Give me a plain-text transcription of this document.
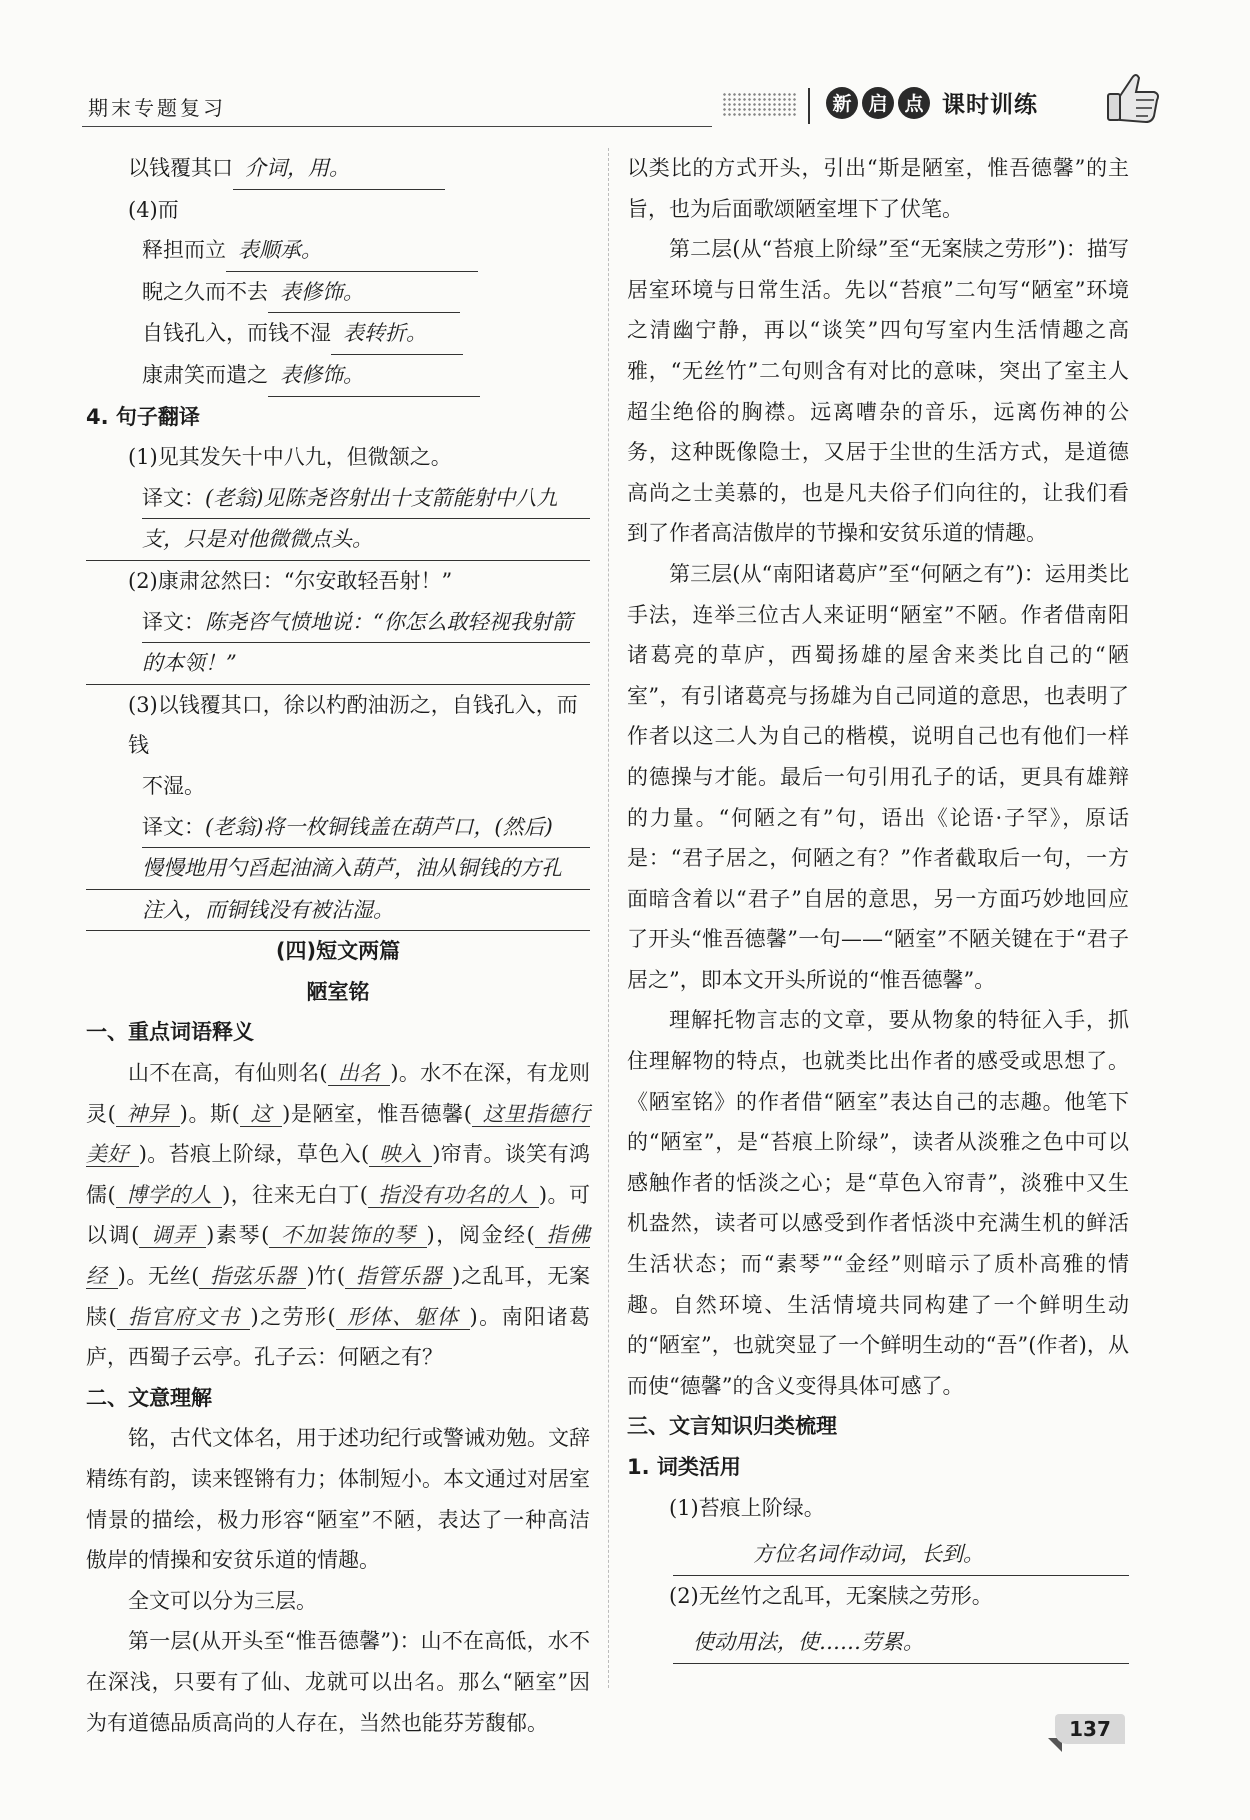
期末专题复习	新 启 点 课时训练
以钱覆其口 介词，用。
(4)而
释担而立 表顺承。
睨之久而不去 表修饰。
自钱孔入，而钱不湿 表转折。
康肃笑而遣之 表修饰。
4. 句子翻译
(1)见其发矢十中八九，但微颔之。
译文：(老翁)见陈尧咨射出十支箭能射中八九
支，只是对他微微点头。
(2)康肃忿然曰：“尔安敢轻吾射！”
译文：陈尧咨气愤地说：“你怎么敢轻视我射箭
的本领！”
(3)以钱覆其口，徐以杓酌油沥之，自钱孔入，而钱
不湿。
译文：(老翁)将一枚铜钱盖在葫芦口，(然后)
慢慢地用勺舀起油滴入葫芦，油从铜钱的方孔
注入，而铜钱没有被沾湿。
(四)短文两篇
陋室铭
一、重点词语释义
山不在高，有仙则名( 出名 )。水不在深，有龙则灵( 神异 )。斯( 这 )是陋室，惟吾德馨( 这里指德行美好 )。苔痕上阶绿，草色入( 映入 )帘青。谈笑有鸿儒( 博学的人 )，往来无白丁( 指没有功名的人 )。可以调( 调弄 )素琴( 不加装饰的琴 )，阅金经( 指佛经 )。无丝( 指弦乐器 )竹( 指管乐器 )之乱耳，无案牍( 指官府文书 )之劳形( 形体、躯体 )。南阳诸葛庐，西蜀子云亭。孔子云：何陋之有？
二、文意理解
铭，古代文体名，用于述功纪行或警诫劝勉。文辞精练有韵，读来铿锵有力；体制短小。本文通过对居室情景的描绘，极力形容“陋室”不陋，表达了一种高洁傲岸的情操和安贫乐道的情趣。
全文可以分为三层。
第一层(从开头至“惟吾德馨”)：山不在高低，水不在深浅，只要有了仙、龙就可以出名。那么“陋室”因为有道德品质高尚的人存在，当然也能芬芳馥郁。
以类比的方式开头，引出“斯是陋室，惟吾德馨”的主旨，也为后面歌颂陋室埋下了伏笔。
第二层(从“苔痕上阶绿”至“无案牍之劳形”)：描写居室环境与日常生活。先以“苔痕”二句写“陋室”环境之清幽宁静，再以“谈笑”四句写室内生活情趣之高雅，“无丝竹”二句则含有对比的意味，突出了室主人超尘绝俗的胸襟。远离嘈杂的音乐，远离伤神的公务，这种既像隐士，又居于尘世的生活方式，是道德高尚之士美慕的，也是凡夫俗子们向往的，让我们看到了作者高洁傲岸的节操和安贫乐道的情趣。
第三层(从“南阳诸葛庐”至“何陋之有”)：运用类比手法，连举三位古人来证明“陋室”不陋。作者借南阳诸葛亮的草庐，西蜀扬雄的屋舍来类比自己的“陋室”，有引诸葛亮与扬雄为自己同道的意思，也表明了作者以这二人为自己的楷模，说明自己也有他们一样的德操与才能。最后一句引用孔子的话，更具有雄辩的力量。“何陋之有”句，语出《论语·子罕》，原话是：“君子居之，何陋之有？”作者截取后一句，一方面暗含着以“君子”自居的意思，另一方面巧妙地回应了开头“惟吾德馨”一句——“陋室”不陋关键在于“君子居之”，即本文开头所说的“惟吾德馨”。
理解托物言志的文章，要从物象的特征入手，抓住理解物的特点，也就类比出作者的感受或思想了。《陋室铭》的作者借“陋室”表达自己的志趣。他笔下的“陋室”，是“苔痕上阶绿”，读者从淡雅之色中可以感触作者的恬淡之心；是“草色入帘青”，淡雅中又生机盎然，读者可以感受到作者恬淡中充满生机的鲜活生活状态；而“素琴”“金经”则暗示了质朴高雅的情趣。自然环境、生活情境共同构建了一个鲜明生动的“陋室”，也就突显了一个鲜明生动的“吾”(作者)，从而使“德馨”的含义变得具体可感了。
三、文言知识归类梳理
1. 词类活用
(1)苔痕上阶绿。
方位名词作动词，长到。
(2)无丝竹之乱耳，无案牍之劳形。
使动用法，使……劳累。
137
